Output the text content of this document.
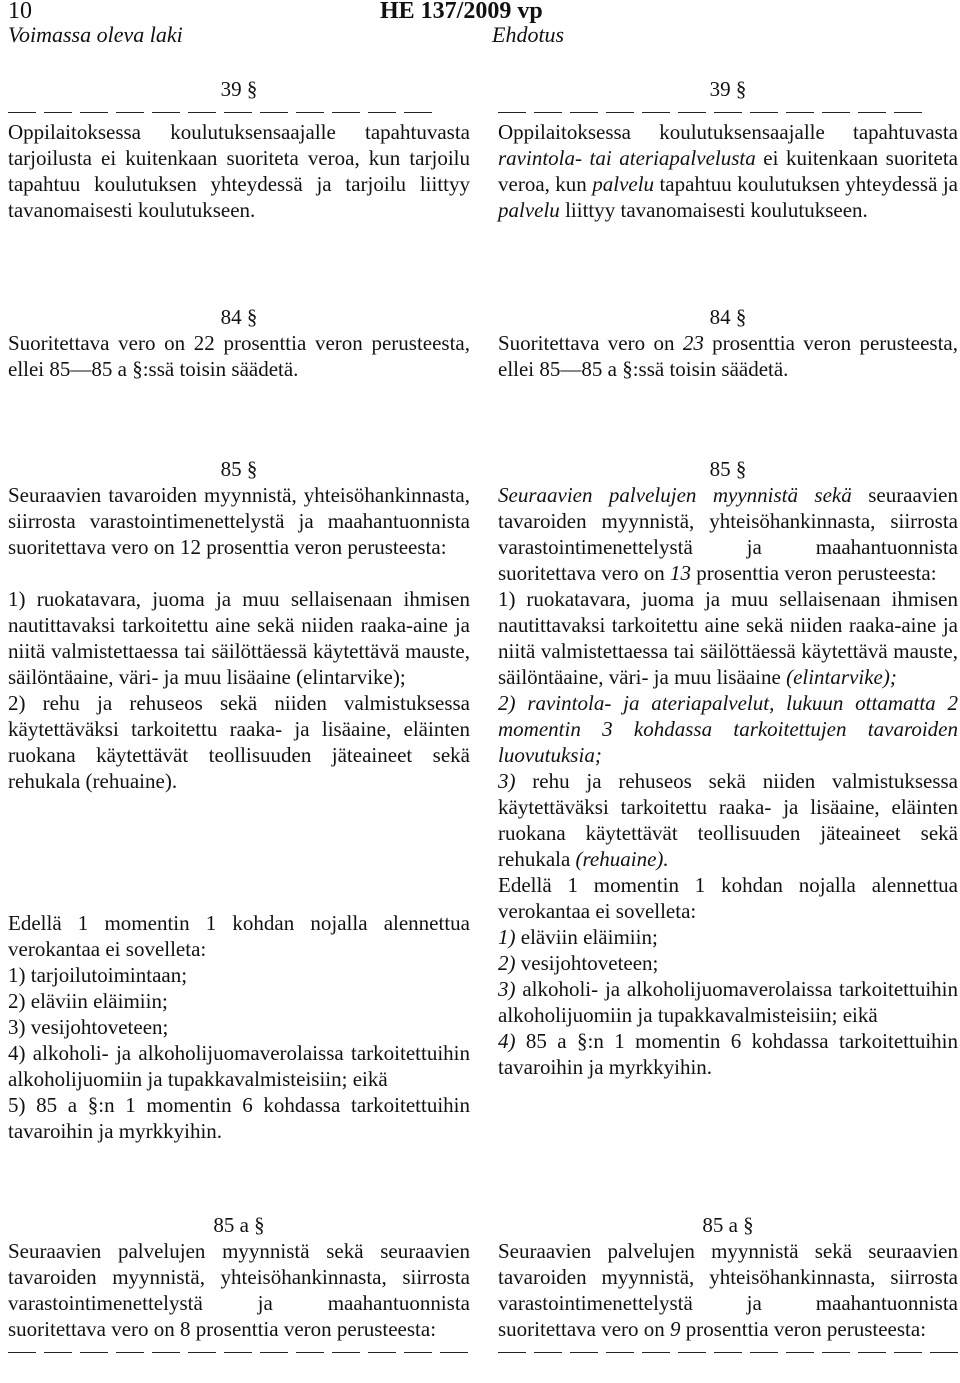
10	HE 137/2009 vp
Voimassa oleva laki	Ehdotus
39 §

Oppilaitoksessa koulutuksensaajalle tapahtuvasta tarjoilusta ei kuitenkaan suoriteta veroa, kun tarjoilu tapahtuu koulutuksen yhteydessä ja tarjoilu liittyy tavanomaisesti koulutukseen.

84 §

Suoritettava vero on 22 prosenttia veron perusteesta, ellei 85—85 a §:ssä toisin säädetä.

85 §

Seuraavien tavaroiden myynnistä, yhteisöhankinnasta, siirrosta varastointimenettelystä ja maahantuonnista suoritettava vero on 12 prosenttia veron perusteesta:

1) ruokatavara, juoma ja muu sellaisenaan ihmisen nautittavaksi tarkoitettu aine sekä niiden raaka-aine ja niitä valmistettaessa tai säilöttäessä käytettävä mauste, säilöntäaine, väri- ja muu lisäaine (elintarvike);

2) rehu ja rehuseos sekä niiden valmistuksessa käytettäväksi tarkoitettu raaka- ja lisäaine, eläinten ruokana käytettävät teollisuuden jäteaineet sekä rehukala (rehuaine).

Edellä 1 momentin 1 kohdan nojalla alennettua verokantaa ei sovelleta:

1) tarjoilutoimintaan;

2) eläviin eläimiin;

3) vesijohtoveteen;

4) alkoholi- ja alkoholijuomaverolaissa tarkoitettuihin alkoholijuomiin ja tupakkavalmisteisiin; eikä

5) 85 a §:n 1 momentin 6 kohdassa tarkoitettuihin tavaroihin ja myrkkyihin.

85 a §

Seuraavien palvelujen myynnistä sekä seuraavien tavaroiden myynnistä, yhteisöhankinnasta, siirrosta varastointimenettelystä ja maahantuonnista suoritettava vero on 8 prosenttia veron perusteesta:

39 §

Oppilaitoksessa koulutuksensaajalle tapahtuvasta ravintola- tai ateriapalvelusta ei kuitenkaan suoriteta veroa, kun palvelu tapahtuu koulutuksen yhteydessä ja palvelu liittyy tavanomaisesti koulutukseen.

84 §

Suoritettava vero on 23 prosenttia veron perusteesta, ellei 85—85 a §:ssä toisin säädetä.

85 §

Seuraavien palvelujen myynnistä sekä seuraavien tavaroiden myynnistä, yhteisöhankinnasta, siirrosta varastointimenettelystä ja maahantuonnista suoritettava vero on 13 prosenttia veron perusteesta:

1) ruokatavara, juoma ja muu sellaisenaan ihmisen nautittavaksi tarkoitettu aine sekä niiden raaka-aine ja niitä valmistettaessa tai säilöttäessä käytettävä mauste, säilöntäaine, väri- ja muu lisäaine (elintarvike);

2) ravintola- ja ateriapalvelut, lukuun ottamatta 2 momentin 3 kohdassa tarkoitettujen tavaroiden luovutuksia;

3) rehu ja rehuseos sekä niiden valmistuksessa käytettäväksi tarkoitettu raaka- ja lisäaine, eläinten ruokana käytettävät teollisuuden jäteaineet sekä rehukala (rehuaine).

Edellä 1 momentin 1 kohdan nojalla alennettua verokantaa ei sovelleta:

1) eläviin eläimiin;

2) vesijohtoveteen;

3) alkoholi- ja alkoholijuomaverolaissa tarkoitettuihin alkoholijuomiin ja tupakkavalmisteisiin; eikä

4) 85 a §:n 1 momentin 6 kohdassa tarkoitettuihin tavaroihin ja myrkkyihin.

85 a §

Seuraavien palvelujen myynnistä sekä seuraavien tavaroiden myynnistä, yhteisöhankinnasta, siirrosta varastointimenettelystä ja maahantuonnista suoritettava vero on 9 prosenttia veron perusteesta:
